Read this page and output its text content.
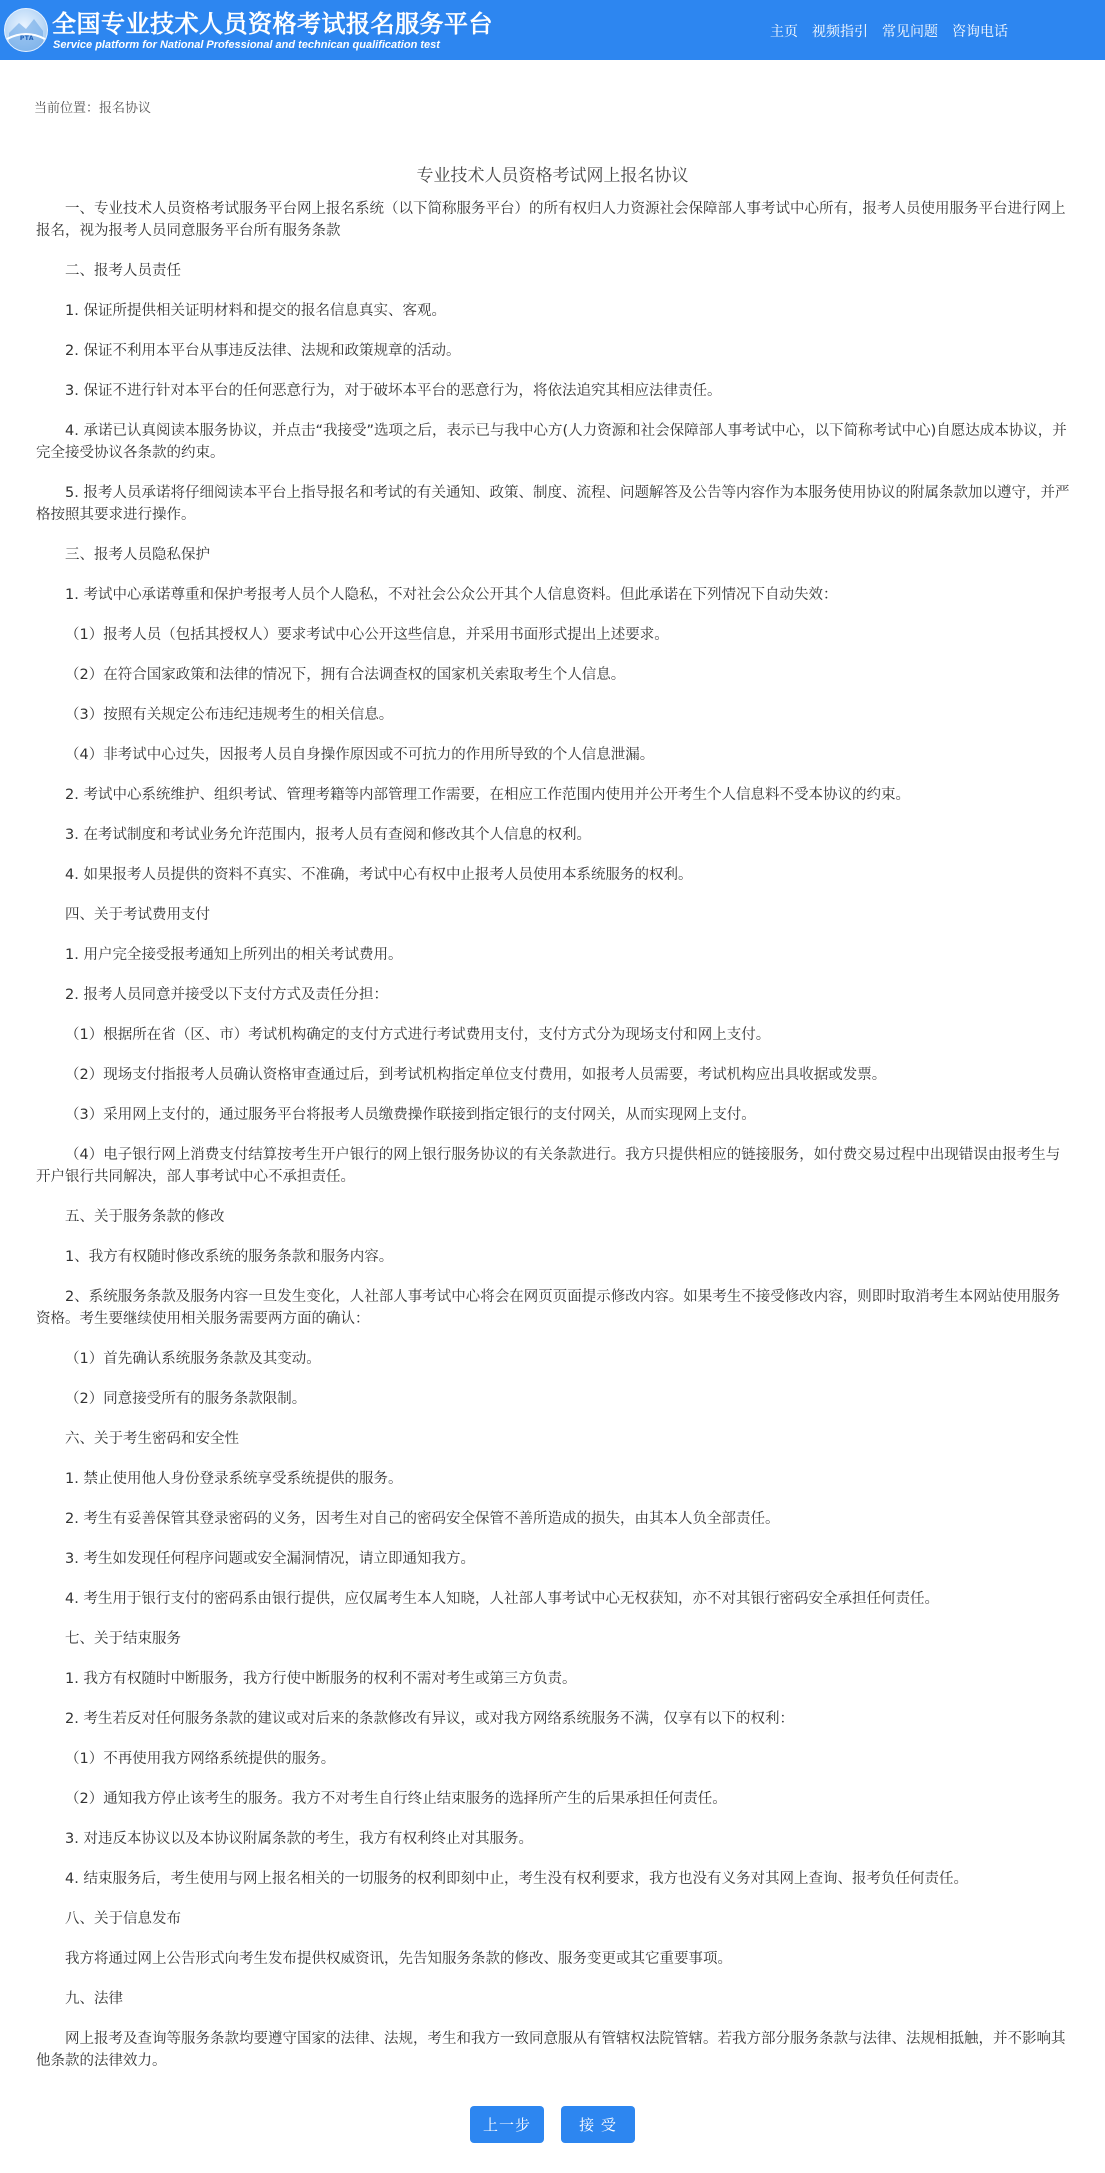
PTA
全国专业技术人员资格考试报名服务平台
Service platform for National Professional and technican qualification test
主页 视频指引 常见问题 咨询电话
当前位置：报名协议
专业技术人员资格考试网上报名协议

一、专业技术人员资格考试服务平台网上报名系统（以下简称服务平台）的所有权归人力资源社会保障部人事考试中心所有，报考人员使用服务平台进行网上报名，视为报考人员同意服务平台所有服务条款

二、报考人员责任

1. 保证所提供相关证明材料和提交的报名信息真实、客观。

2. 保证不利用本平台从事违反法律、法规和政策规章的活动。

3. 保证不进行针对本平台的任何恶意行为，对于破坏本平台的恶意行为，将依法追究其相应法律责任。

4. 承诺已认真阅读本服务协议，并点击“我接受”选项之后，表示已与我中心方(人力资源和社会保障部人事考试中心，以下简称考试中心)自愿达成本协议，并完全接受协议各条款的约束。

5. 报考人员承诺将仔细阅读本平台上指导报名和考试的有关通知、政策、制度、流程、问题解答及公告等内容作为本服务使用协议的附属条款加以遵守，并严格按照其要求进行操作。

三、报考人员隐私保护

1. 考试中心承诺尊重和保护考报考人员个人隐私，不对社会公众公开其个人信息资料。但此承诺在下列情况下自动失效：

（1）报考人员（包括其授权人）要求考试中心公开这些信息，并采用书面形式提出上述要求。

（2）在符合国家政策和法律的情况下，拥有合法调查权的国家机关索取考生个人信息。

（3）按照有关规定公布违纪违规考生的相关信息。

（4）非考试中心过失，因报考人员自身操作原因或不可抗力的作用所导致的个人信息泄漏。

2. 考试中心系统维护、组织考试、管理考籍等内部管理工作需要，在相应工作范围内使用并公开考生个人信息料不受本协议的约束。

3. 在考试制度和考试业务允许范围内，报考人员有查阅和修改其个人信息的权利。

4. 如果报考人员提供的资料不真实、不准确，考试中心有权中止报考人员使用本系统服务的权利。

四、关于考试费用支付

1. 用户完全接受报考通知上所列出的相关考试费用。

2. 报考人员同意并接受以下支付方式及责任分担：

（1）根据所在省（区、市）考试机构确定的支付方式进行考试费用支付，支付方式分为现场支付和网上支付。

（2）现场支付指报考人员确认资格审查通过后，到考试机构指定单位支付费用，如报考人员需要，考试机构应出具收据或发票。

（3）采用网上支付的，通过服务平台将报考人员缴费操作联接到指定银行的支付网关，从而实现网上支付。

（4）电子银行网上消费支付结算按考生开户银行的网上银行服务协议的有关条款进行。我方只提供相应的链接服务，如付费交易过程中出现错误由报考生与开户银行共同解决，部人事考试中心不承担责任。

五、关于服务条款的修改

1、我方有权随时修改系统的服务条款和服务内容。

2、系统服务条款及服务内容一旦发生变化，人社部人事考试中心将会在网页页面提示修改内容。如果考生不接受修改内容，则即时取消考生本网站使用服务资格。考生要继续使用相关服务需要两方面的确认：

（1）首先确认系统服务条款及其变动。

（2）同意接受所有的服务条款限制。

六、关于考生密码和安全性

1. 禁止使用他人身份登录系统享受系统提供的服务。

2. 考生有妥善保管其登录密码的义务，因考生对自己的密码安全保管不善所造成的损失，由其本人负全部责任。

3. 考生如发现任何程序问题或安全漏洞情况，请立即通知我方。

4. 考生用于银行支付的密码系由银行提供，应仅属考生本人知晓，人社部人事考试中心无权获知，亦不对其银行密码安全承担任何责任。

七、关于结束服务

1. 我方有权随时中断服务，我方行使中断服务的权利不需对考生或第三方负责。

2. 考生若反对任何服务条款的建议或对后来的条款修改有异议，或对我方网络系统服务不满，仅享有以下的权利：

（1）不再使用我方网络系统提供的服务。

（2）通知我方停止该考生的服务。我方不对考生自行终止结束服务的选择所产生的后果承担任何责任。

3. 对违反本协议以及本协议附属条款的考生，我方有权利终止对其服务。

4. 结束服务后，考生使用与网上报名相关的一切服务的权利即刻中止，考生没有权利要求，我方也没有义务对其网上查询、报考负任何责任。

八、关于信息发布

我方将通过网上公告形式向考生发布提供权威资讯，先告知服务条款的修改、服务变更或其它重要事项。

九、法律

网上报考及查询等服务条款均要遵守国家的法律、法规，考生和我方一致同意服从有管辖权法院管辖。若我方部分服务条款与法律、法规相抵触，并不影响其他条款的法律效力。

上一步	接 受
